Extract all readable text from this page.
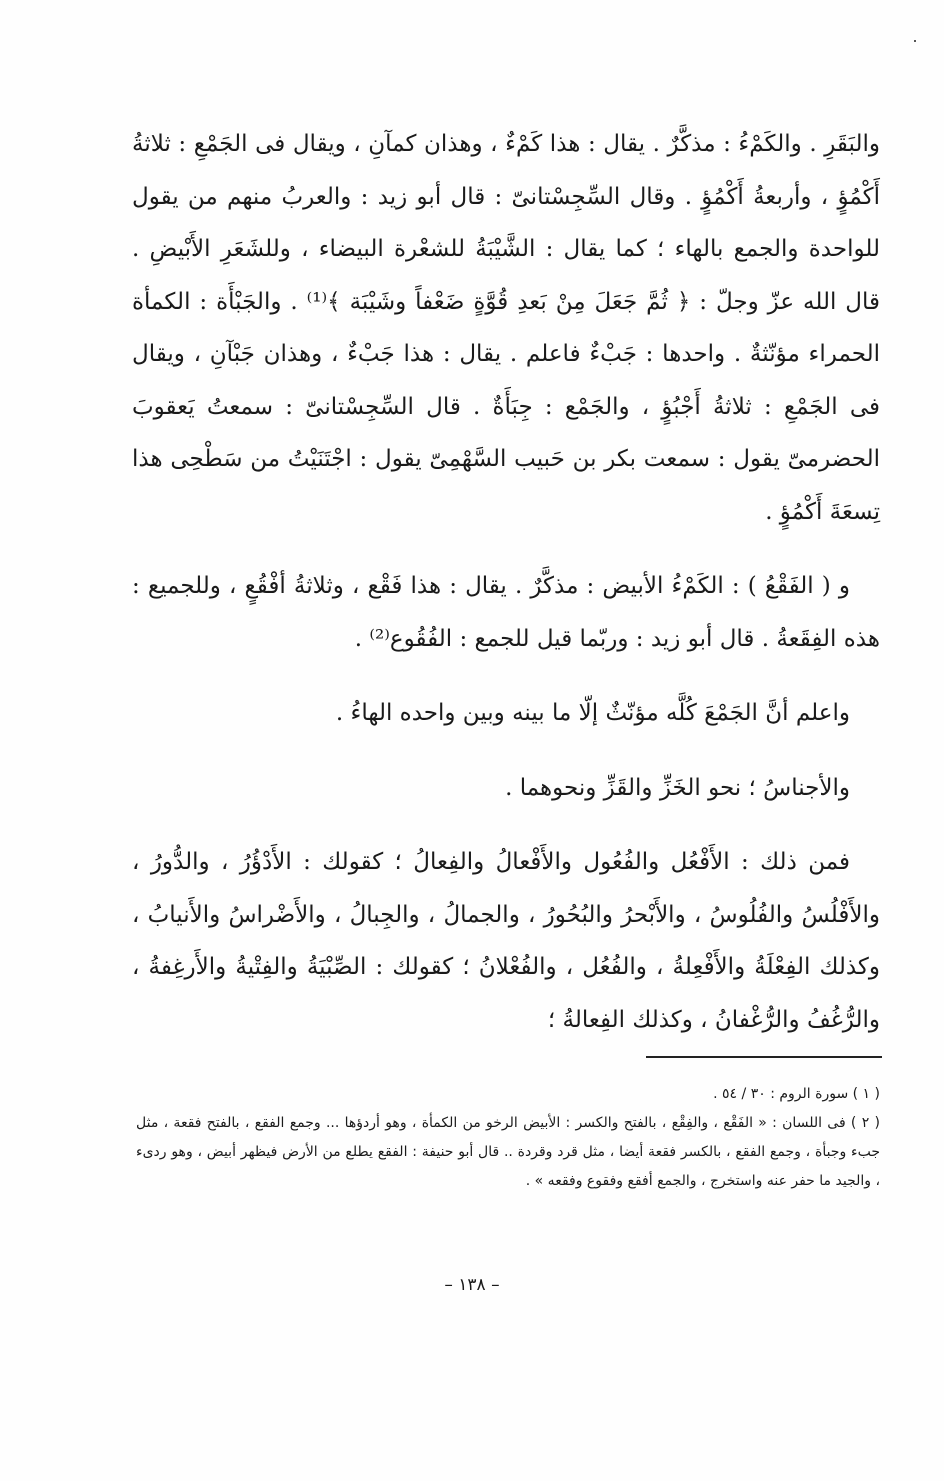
والبَقَرِ . والكَمْءُ : مذكَّرٌ . يقال : هذا كَمْءٌ ، وهذان كمآنِ ، ويقال فى الجَمْعِ : ثلاثةُ أَكْمُؤٍ ، وأربعةُ أَكْمُؤٍ . وقال السِّجِسْتانىّ : قال أبو زيد : والعربُ منهم من يقول للواحدة والجمع بالهاء ؛ كما يقال : الشَّيْبَةُ للشعْرة البيضاء ، وللشَعَرِ الأَبْيضِ . قال الله عزّ وجلّ : ﴿ ثُمَّ جَعَلَ مِنْ بَعدِ قُوَّةٍ ضَعْفاً وشَيْبَة ﴾⁽¹⁾ . والجَبْأَة : الكمأة الحمراء مؤنّثةٌ . واحدها : جَبْءٌ فاعلم . يقال : هذا جَبْءٌ ، وهذان جَبْآنِ ، ويقال فى الجَمْعِ : ثلاثةُ أَجْبُؤٍ ، والجَمْع : جِبَأَةٌ . قال السِّجِسْتانىّ : سمعتُ يَعقوبَ الحضرمىّ يقول : سمعت بكر بن حَبيب السَّهْمِىّ يقول : اجْتَنَيْتُ من سَطْحِى هذا تِسعَةَ أَكْمُؤٍ .

و ( الفَقْعُ ) : الكَمْءُ الأبيض : مذكَّرٌ . يقال : هذا فَقْع ، وثلاثةُ أفْقُعٍ ، وللجميع : هذه الفِقَعةُ . قال أبو زيد : وربّما قيل للجمع : الفُقُوع⁽²⁾ .

واعلم أنَّ الجَمْعَ كُلَّه مؤنّثٌ إلّا ما بينه وبين واحده الهاءُ .

والأجناسُ ؛ نحو الخَزِّ والقَزِّ ونحوهما .

فمن ذلك : الأَفْعُل والفُعُول والأَفْعالُ والفِعالُ ؛ كقولك : الأَدْؤُرُ ، والدُّورُ ، والأَفْلُسُ والفُلُوسُ ، والأَبْحرُ والبُحُورُ ، والجمالُ ، والجِبالُ ، والأَضْراسُ والأَنيابُ ، وكذلك الفِعْلَةُ والأَفْعِلةُ ، والفُعُل ، والفُعْلانُ ؛ كقولك : الصِّبْيَةُ والفِتْيةُ والأَرغِفةُ ، والرُّغُفُ والرُّغْفانُ ، وكذلك الفِعالةُ ؛

( ١ ) سورة الروم : ٣٠ / ٥٤ .

( ٢ ) فى اللسان : « الفَقْع ، والفِقْع ، بالفتح والكسر : الأبيض الرخو من الكمأة ، وهو أردؤها ... وجمع الفقع ، بالفتح فقعة ، مثل جبء وجبأة ، وجمع الفقع ، بالكسر فقعة أيضا ، مثل قرد وقردة .. قال أبو حنيفة : الفقع يطلع من الأرض فيظهر أبيض ، وهو ردىء ، والجيد ما حفر عنه واستخرج ، والجمع أفقع وفقوع وفقعه » .

– ١٣٨ –
